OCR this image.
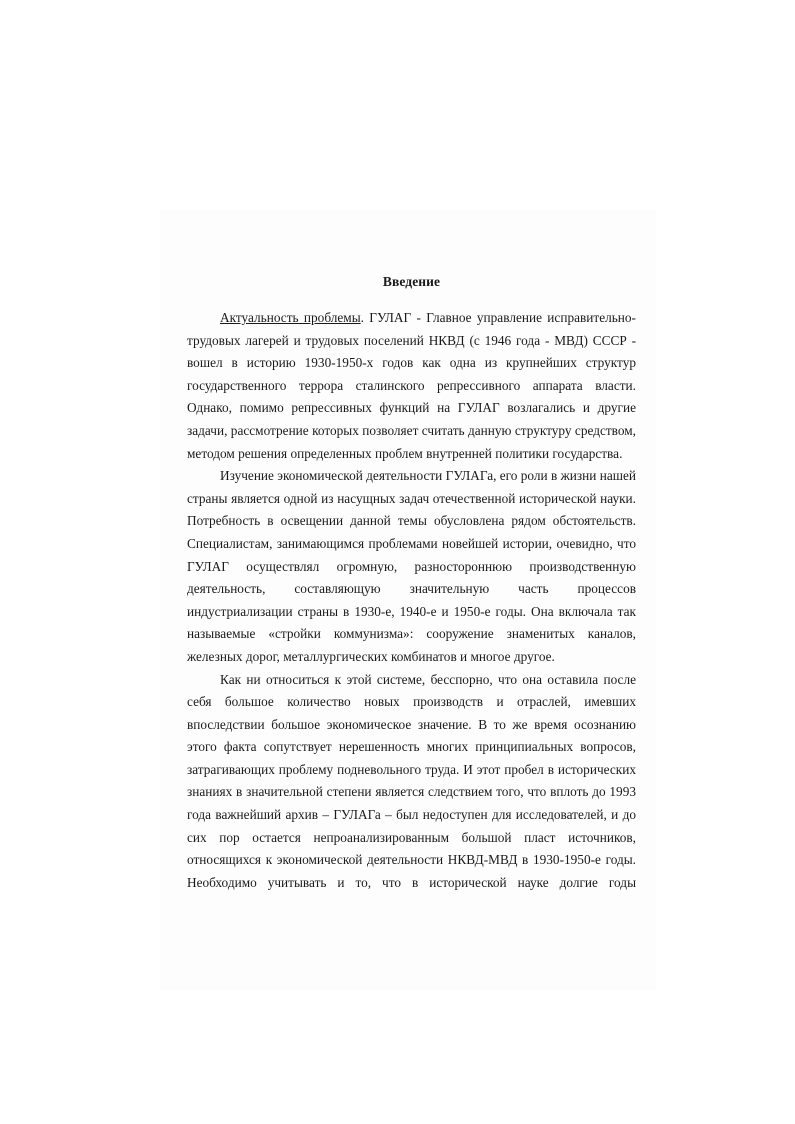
Введение

Актуальность проблемы. ГУЛАГ - Главное управление исправительно-трудовых лагерей и трудовых поселений НКВД (с 1946 года - МВД) СССР - вошел в историю 1930-1950-х годов как одна из крупнейших структур государственного террора сталинского репрессивного аппарата власти. Однако, помимо репрессивных функций на ГУЛАГ возлагались и другие задачи, рассмотрение которых позволяет считать данную структуру средством, методом решения определенных проблем внутренней политики государства.

Изучение экономической деятельности ГУЛАГа, его роли в жизни нашей страны является одной из насущных задач отечественной исторической науки. Потребность в освещении данной темы обусловлена рядом обстоятельств. Специалистам, занимающимся проблемами новейшей истории, очевидно, что ГУЛАГ осуществлял огромную, разностороннюю производственную деятельность, составляющую значительную часть процессов индустриализации страны в 1930-е, 1940-е и 1950-е годы. Она включала так называемые «стройки коммунизма»: сооружение знаменитых каналов, железных дорог, металлургических комбинатов и многое другое.

Как ни относиться к этой системе, бесспорно, что она оставила после себя большое количество новых производств и отраслей, имевших впоследствии большое экономическое значение. В то же время осознанию этого факта сопутствует нерешенность многих принципиальных вопросов, затрагивающих проблему подневольного труда. И этот пробел в исторических знаниях в значительной степени является следствием того, что вплоть до 1993 года важнейший архив – ГУЛАГа – был недоступен для исследователей, и до сих пор остается непроанализированным большой пласт источников, относящихся к экономической деятельности НКВД-МВД в 1930-1950-е годы. Необходимо учитывать и то, что в исторической науке долгие годы
